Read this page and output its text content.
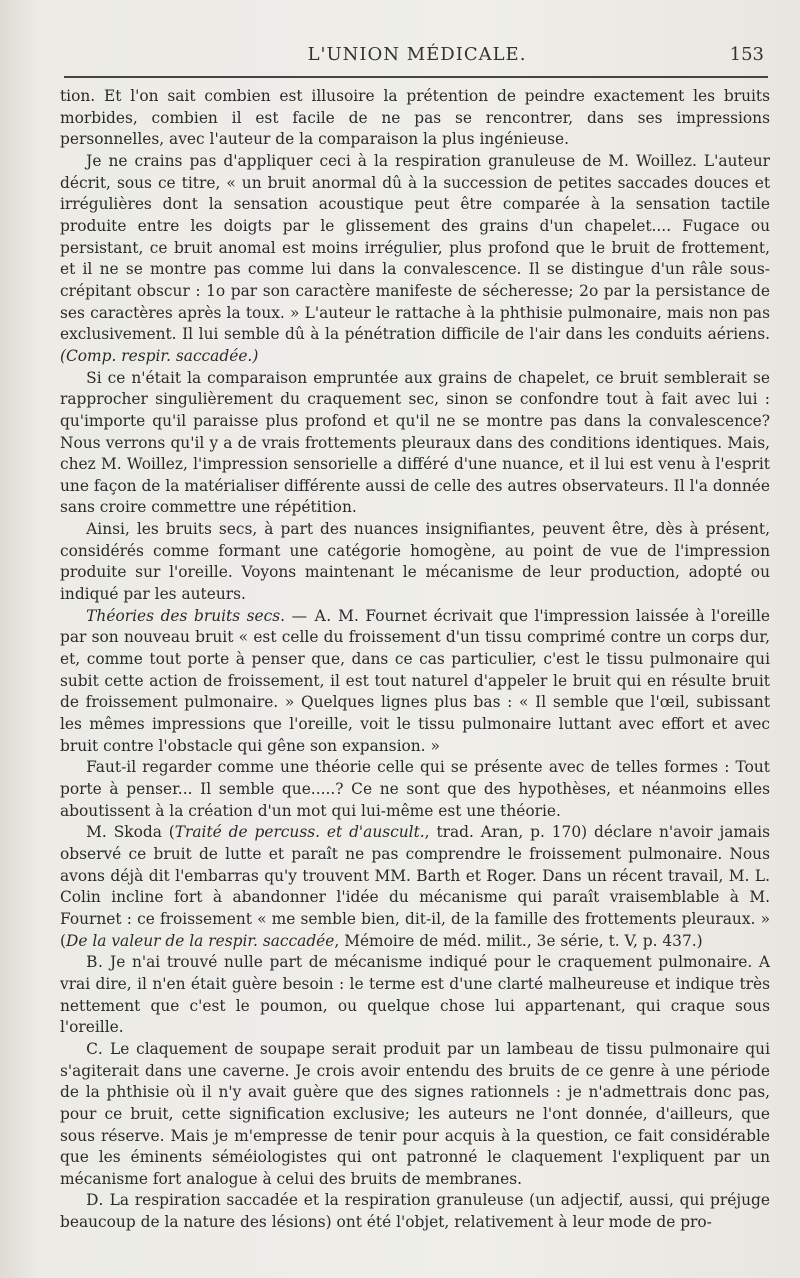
L'UNION MÉDICALE.	153

tion. Et l'on sait combien est illusoire la prétention de peindre exactement les bruits morbides, combien il est facile de ne pas se rencontrer, dans ses impressions personnelles, avec l'auteur de la comparaison la plus ingénieuse.

Je ne crains pas d'appliquer ceci à la respiration granuleuse de M. Woillez. L'auteur décrit, sous ce titre, « un bruit anormal dû à la succession de petites saccades douces et irrégulières dont la sensation acoustique peut être comparée à la sensation tactile produite entre les doigts par le glissement des grains d'un chapelet.... Fugace ou persistant, ce bruit anomal est moins irrégulier, plus profond que le bruit de frottement, et il ne se montre pas comme lui dans la convalescence. Il se distingue d'un râle sous-crépitant obscur : 1o par son caractère manifeste de sécheresse; 2o par la persistance de ses caractères après la toux. » L'auteur le rattache à la phthisie pulmonaire, mais non pas exclusivement. Il lui semble dû à la pénétration difficile de l'air dans les conduits aériens. (Comp. respir. saccadée.)

Si ce n'était la comparaison empruntée aux grains de chapelet, ce bruit semblerait se rapprocher singulièrement du craquement sec, sinon se confondre tout à fait avec lui : qu'importe qu'il paraisse plus profond et qu'il ne se montre pas dans la convalescence? Nous verrons qu'il y a de vrais frottements pleuraux dans des conditions identiques. Mais, chez M. Woillez, l'impression sensorielle a différé d'une nuance, et il lui est venu à l'esprit une façon de la matérialiser différente aussi de celle des autres observateurs. Il l'a donnée sans croire commettre une répétition.

Ainsi, les bruits secs, à part des nuances insignifiantes, peuvent être, dès à présent, considérés comme formant une catégorie homogène, au point de vue de l'impression produite sur l'oreille. Voyons maintenant le mécanisme de leur production, adopté ou indiqué par les auteurs.

Théories des bruits secs. — A. M. Fournet écrivait que l'impression laissée à l'oreille par son nouveau bruit « est celle du froissement d'un tissu comprimé contre un corps dur, et, comme tout porte à penser que, dans ce cas particulier, c'est le tissu pulmonaire qui subit cette action de froissement, il est tout naturel d'appeler le bruit qui en résulte bruit de froissement pulmonaire. » Quelques lignes plus bas : « Il semble que l'œil, subissant les mêmes impressions que l'oreille, voit le tissu pulmonaire luttant avec effort et avec bruit contre l'obstacle qui gêne son expansion. »

Faut-il regarder comme une théorie celle qui se présente avec de telles formes : Tout porte à penser... Il semble que.....? Ce ne sont que des hypothèses, et néanmoins elles aboutissent à la création d'un mot qui lui-même est une théorie.

M. Skoda (Traité de percuss. et d'auscult., trad. Aran, p. 170) déclare n'avoir jamais observé ce bruit de lutte et paraît ne pas comprendre le froissement pulmonaire. Nous avons déjà dit l'embarras qu'y trouvent MM. Barth et Roger. Dans un récent travail, M. L. Colin incline fort à abandonner l'idée du mécanisme qui paraît vraisemblable à M. Fournet : ce froissement « me semble bien, dit-il, de la famille des frottements pleuraux. » (De la valeur de la respir. saccadée, Mémoire de méd. milit., 3e série, t. V, p. 437.)

B. Je n'ai trouvé nulle part de mécanisme indiqué pour le craquement pulmonaire. A vrai dire, il n'en était guère besoin : le terme est d'une clarté malheureuse et indique très nettement que c'est le poumon, ou quelque chose lui appartenant, qui craque sous l'oreille.

C. Le claquement de soupape serait produit par un lambeau de tissu pulmonaire qui s'agiterait dans une caverne. Je crois avoir entendu des bruits de ce genre à une période de la phthisie où il n'y avait guère que des signes rationnels : je n'admettrais donc pas, pour ce bruit, cette signification exclusive; les auteurs ne l'ont donnée, d'ailleurs, que sous réserve. Mais je m'empresse de tenir pour acquis à la question, ce fait considérable que les éminents séméiologistes qui ont patronné le claquement l'expliquent par un mécanisme fort analogue à celui des bruits de membranes.

D. La respiration saccadée et la respiration granuleuse (un adjectif, aussi, qui préjuge beaucoup de la nature des lésions) ont été l'objet, relativement à leur mode de pro-
